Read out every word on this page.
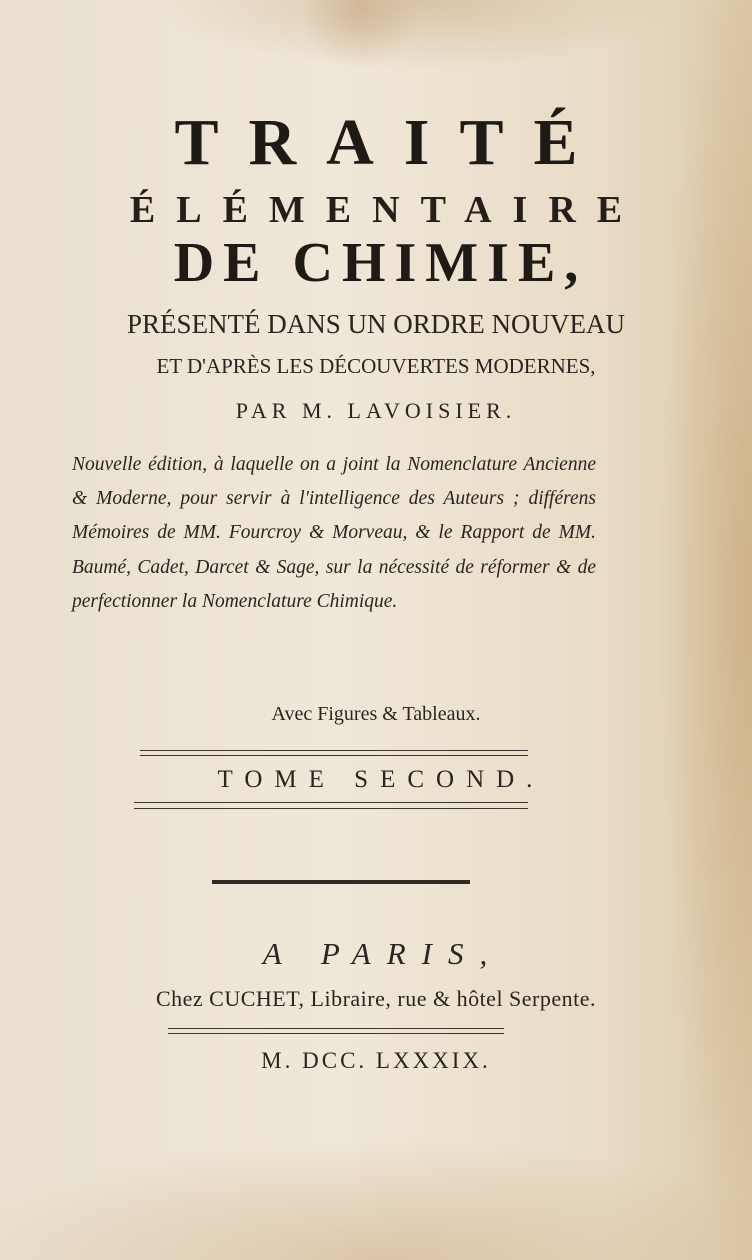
TRAITÉ
ÉLÉMENTAIRE
DE CHIMIE,
PRÉSENTÉ DANS UN ORDRE NOUVEAU
ET D'APRÈS LES DÉCOUVERTES MODERNES,
PAR M. LAVOISIER.
Nouvelle édition, à laquelle on a joint la Nomenclature Ancienne & Moderne, pour servir à l'intelligence des Auteurs ; différens Mémoires de MM. Fourcroy & Morveau, & le Rapport de MM. Baumé, Cadet, Darcet & Sage, sur la nécessité de réformer & de perfectionner la Nomenclature Chimique.
Avec Figures & Tableaux.
TOME SECOND.
A PARIS,
Chez CUCHET, Libraire, rue & hôtel Serpente.
M. DCC. LXXXIX.
